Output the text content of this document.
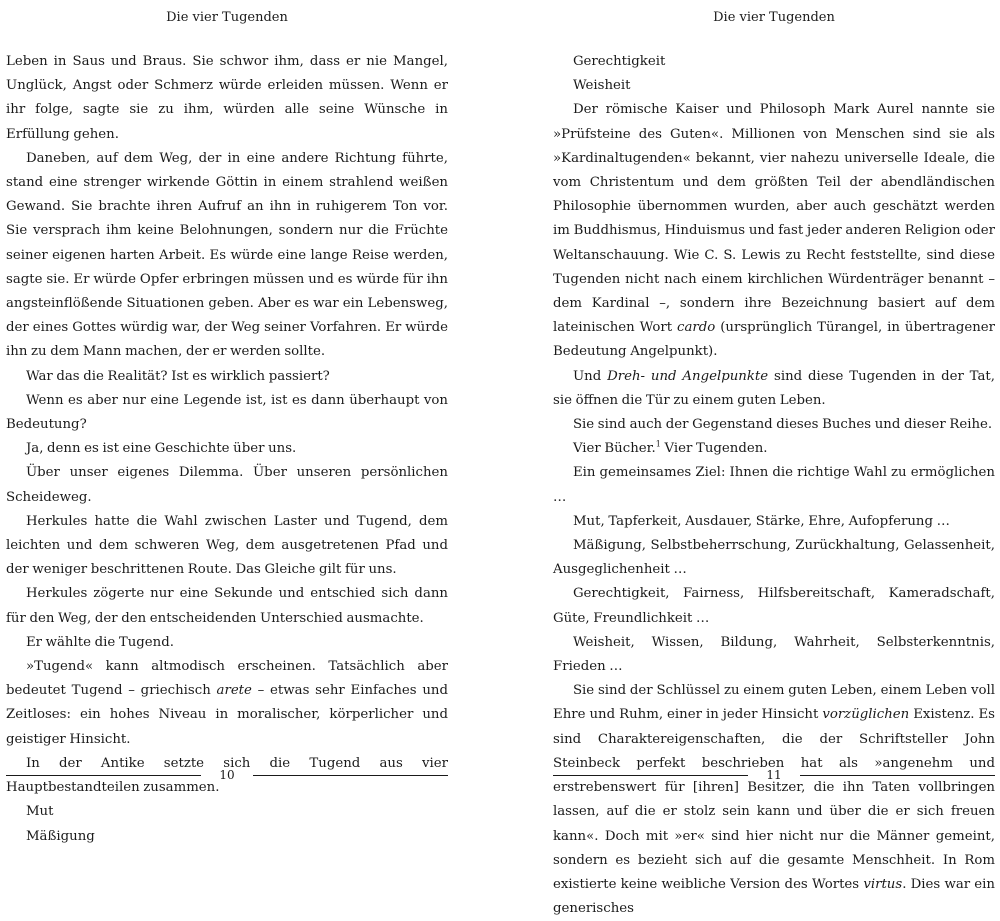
Die vier Tugenden

Leben in Saus und Braus. Sie schwor ihm, dass er nie Mangel, Unglück, Angst oder Schmerz würde erleiden müssen. Wenn er ihr folge, sagte sie zu ihm, würden alle seine Wünsche in Erfüllung gehen.

Daneben, auf dem Weg, der in eine andere Richtung führte, stand eine strenger wirkende Göttin in einem strahlend weißen Gewand. Sie brachte ihren Aufruf an ihn in ruhigerem Ton vor. Sie versprach ihm keine Belohnungen, sondern nur die Früchte seiner eigenen harten Arbeit. Es würde eine lange Reise werden, sagte sie. Er würde Opfer erbringen müssen und es würde für ihn angsteinflößende Situationen geben. Aber es war ein Lebensweg, der eines Gottes würdig war, der Weg seiner Vorfahren. Er würde ihn zu dem Mann machen, der er werden sollte.

War das die Realität? Ist es wirklich passiert?

Wenn es aber nur eine Legende ist, ist es dann überhaupt von Bedeutung?

Ja, denn es ist eine Geschichte über uns.

Über unser eigenes Dilemma. Über unseren persönlichen Scheideweg.

Herkules hatte die Wahl zwischen Laster und Tugend, dem leichten und dem schweren Weg, dem ausgetretenen Pfad und der weniger beschrittenen Route. Das Gleiche gilt für uns.

Herkules zögerte nur eine Sekunde und entschied sich dann für den Weg, der den entscheidenden Unterschied ausmachte.

Er wählte die Tugend.

»Tugend« kann altmodisch erscheinen. Tatsächlich aber bedeutet Tugend – griechisch arete – etwas sehr Einfaches und Zeitloses: ein hohes Niveau in moralischer, körperlicher und geistiger Hinsicht.

In der Antike setzte sich die Tugend aus vier Hauptbestandteilen zusammen.

Mut

Mäßigung

10
Die vier Tugenden

Gerechtigkeit

Weisheit

Der römische Kaiser und Philosoph Mark Aurel nannte sie »Prüfsteine des Guten«. Millionen von Menschen sind sie als »Kardinaltugenden« bekannt, vier nahezu universelle Ideale, die vom Christentum und dem größten Teil der abendländischen Philosophie übernommen wurden, aber auch geschätzt werden im Buddhismus, Hinduismus und fast jeder anderen Religion oder Weltanschauung. Wie C. S. Lewis zu Recht feststellte, sind diese Tugenden nicht nach einem kirchlichen Würdenträger benannt – dem Kardinal –, sondern ihre Bezeichnung basiert auf dem lateinischen Wort cardo (ursprünglich Türangel, in übertragener Bedeutung Angelpunkt).

Und Dreh- und Angelpunkte sind diese Tugenden in der Tat, sie öffnen die Tür zu einem guten Leben.

Sie sind auch der Gegenstand dieses Buches und dieser Reihe.

Vier Bücher.$^1$ Vier Tugenden.

Ein gemeinsames Ziel: Ihnen die richtige Wahl zu ermöglichen …

Mut, Tapferkeit, Ausdauer, Stärke, Ehre, Aufopferung …

Mäßigung, Selbstbeherrschung, Zurückhaltung, Gelassenheit, Ausgeglichenheit …

Gerechtigkeit, Fairness, Hilfsbereitschaft, Kameradschaft, Güte, Freundlichkeit …

Weisheit, Wissen, Bildung, Wahrheit, Selbsterkenntnis, Frieden …

Sie sind der Schlüssel zu einem guten Leben, einem Leben voll Ehre und Ruhm, einer in jeder Hinsicht vorzüglichen Existenz. Es sind Charaktereigenschaften, die der Schriftsteller John Steinbeck perfekt beschrieben hat als »angenehm und erstrebenswert für [ihren] Besitzer, die ihn Taten vollbringen lassen, auf die er stolz sein kann und über die er sich freuen kann«. Doch mit »er« sind hier nicht nur die Männer gemeint, sondern es bezieht sich auf die gesamte Menschheit. In Rom existierte keine weibliche Version des Wortes virtus. Dies war ein generisches

11
